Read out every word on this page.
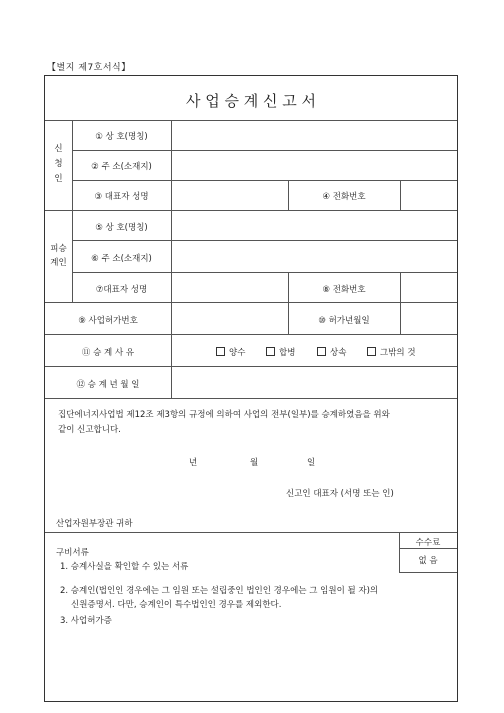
【별지 제7호서식】
사 업 승 계 신 고 서
신
청
인
① 상 호(명칭)
② 주 소(소재지)
③ 대표자 성명	④ 전화번호
피승
계인
⑤ 상 호(명칭)
⑥ 주 소(소재지)
⑦대표자 성명	⑧ 전화번호
⑨ 사업허가번호	⑩ 허가년월일
⑪ 승 계 사 유	양수	합병	상속	그밖의 것
⑫ 승 계 년 월 일
집단에너지사업법 제12조 제3항의 규정에 의하여 사업의 전부(일부)를 승계하였음을 위와
같이 신고합니다.
년	월	일
신고인 대표자 (서명 또는 인)
산업자원부장관 귀하
수수료
없 음
구비서류
1. 승계사실을 확인할 수 있는 서류
2. 승계인(법인인 경우에는 그 임원 또는 설립중인 법인인 경우에는 그 임원이 될 자)의
신원증명서. 다만, 승계인이 특수법인인 경우를 제외한다.
3. 사업허가증
